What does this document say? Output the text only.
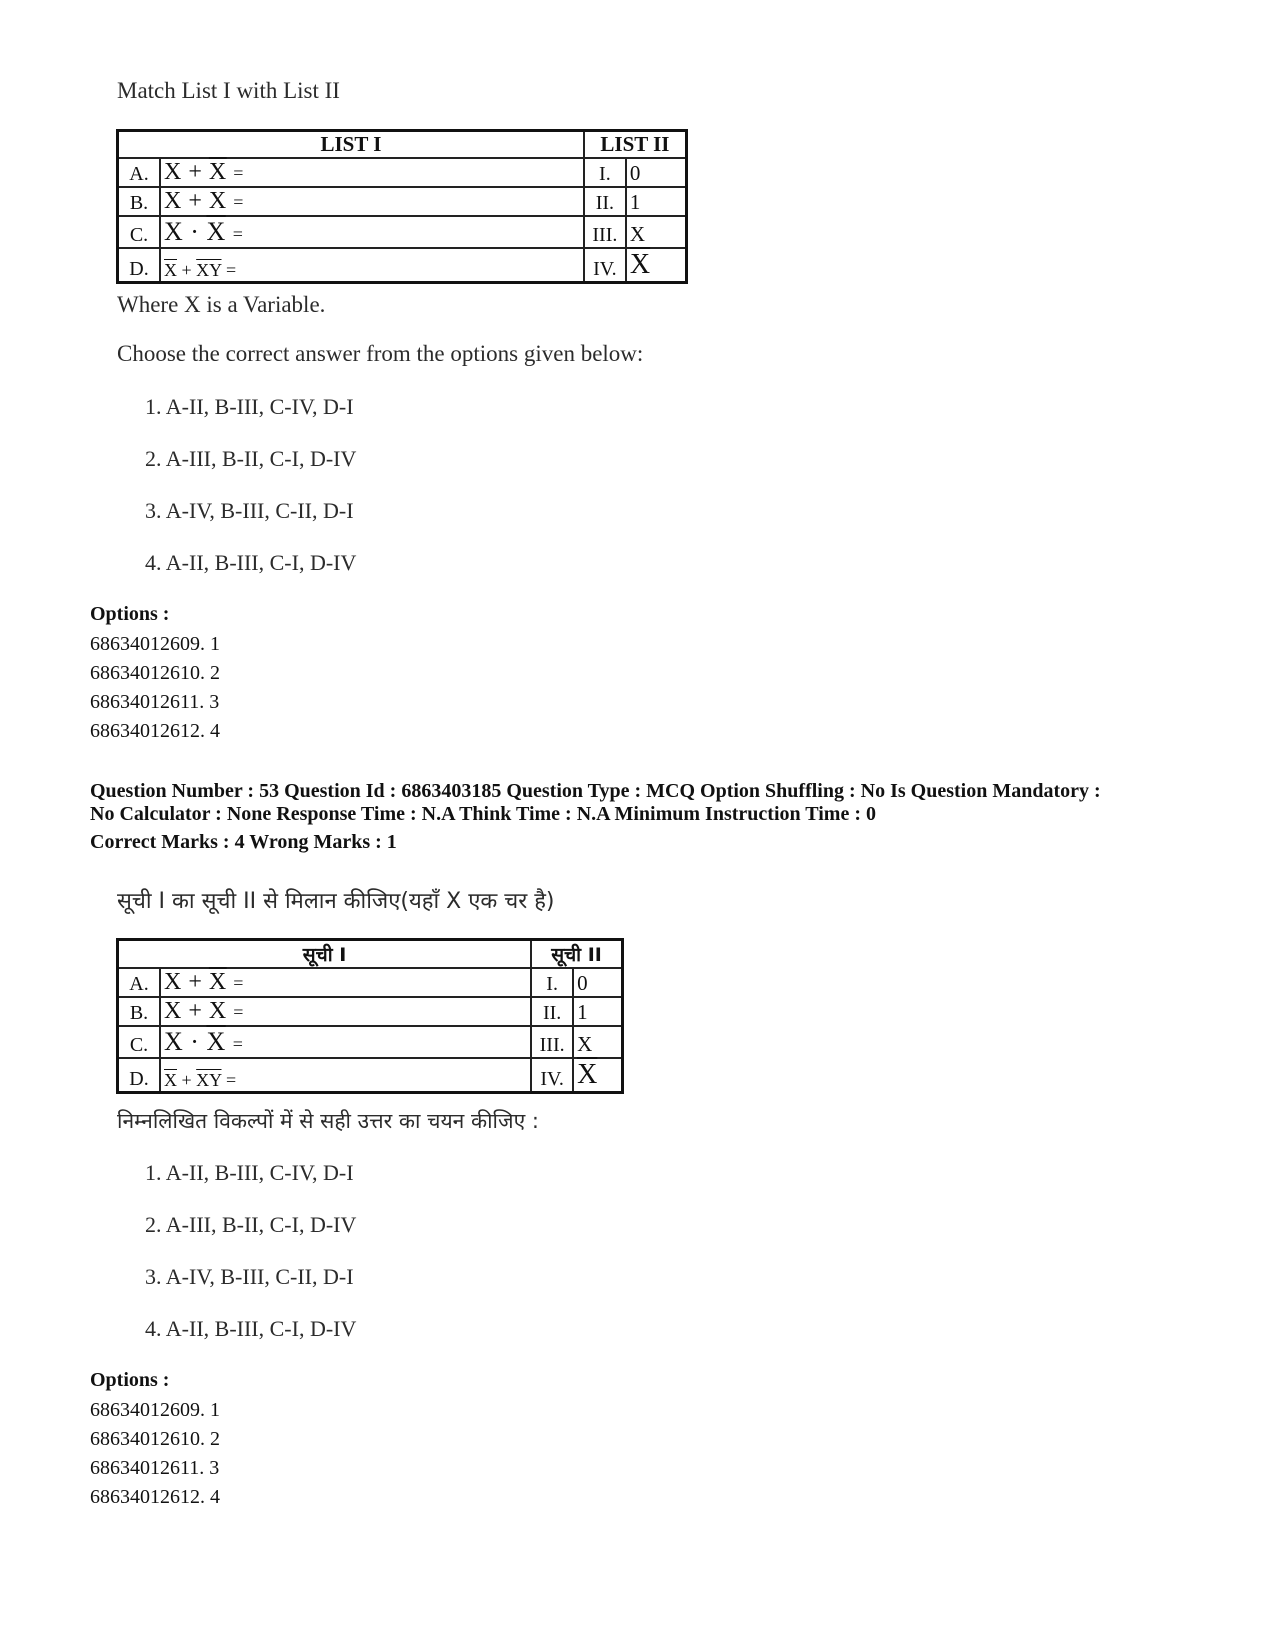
Match List I with List II
LIST I		LIST II	
A.	$X + \overline{X}$ =	I.	0
B.	X + X =	II.	1
C.	$X \cdot \overline{X}$ =	III.	X
D.	$\overline{X} + \overline{XY}$ =	IV.	$\overline{X}$
Where X is a Variable.
Choose the correct answer from the options given below:
1. A-II, B-III, C-IV, D-I
2. A-III, B-II, C-I, D-IV
3. A-IV, B-III, C-II, D-I
4. A-II, B-III, C-I, D-IV
Options :
68634012609. 1
68634012610. 2
68634012611. 3
68634012612. 4
Question Number : 53 Question Id : 6863403185 Question Type : MCQ Option Shuffling : No Is Question Mandatory :
No Calculator : None Response Time : N.A Think Time : N.A Minimum Instruction Time : 0
Correct Marks : 4 Wrong Marks : 1
सूची I का सूची II से मिलान कीजिए(यहाँ X एक चर है)
सूची I		सूची II	
A.	$X + \overline{X}$ =	I.	0
B.	X + X =	II.	1
C.	$X \cdot \overline{X}$ =	III.	X
D.	$\overline{X} + \overline{XY}$ =	IV.	$\overline{X}$
निम्नलिखित विकल्पों में से सही उत्तर का चयन कीजिए :
1. A-II, B-III, C-IV, D-I
2. A-III, B-II, C-I, D-IV
3. A-IV, B-III, C-II, D-I
4. A-II, B-III, C-I, D-IV
Options :
68634012609. 1
68634012610. 2
68634012611. 3
68634012612. 4
